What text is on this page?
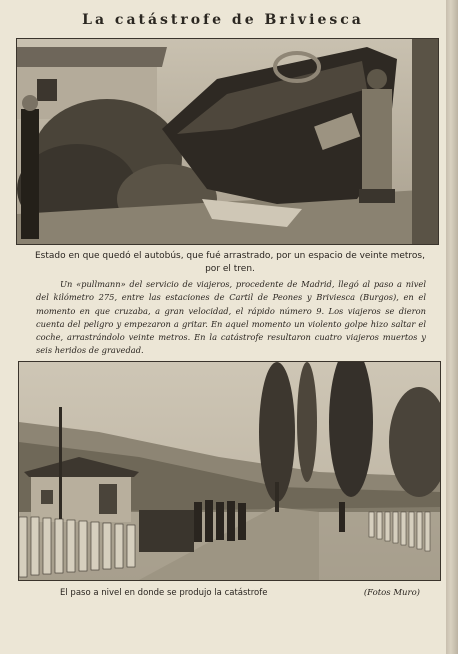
La catástrofe de Briviesca
Estado en que quedó el autobús, que fué arrastrado, por un espacio de veinte metros, por el tren.
Un «pullmann» del servicio de viajeros, procedente de Madrid, llegó al paso a nivel del kilómetro 275, entre las estaciones de Cartil de Peones y Briviesca (Burgos), en el momento en que cruzaba, a gran velocidad, el rápido número 9. Los viajeros se dieron cuenta del peligro y empezaron a gritar. En aquel momento un violento golpe hizo saltar el coche, arrastrándolo veinte metros. En la catástrofe resultaron cuatro viajeros muertos y seis heridos de gravedad.
El paso a nivel en donde se produjo la catástrofe	(Fotos Muro)
